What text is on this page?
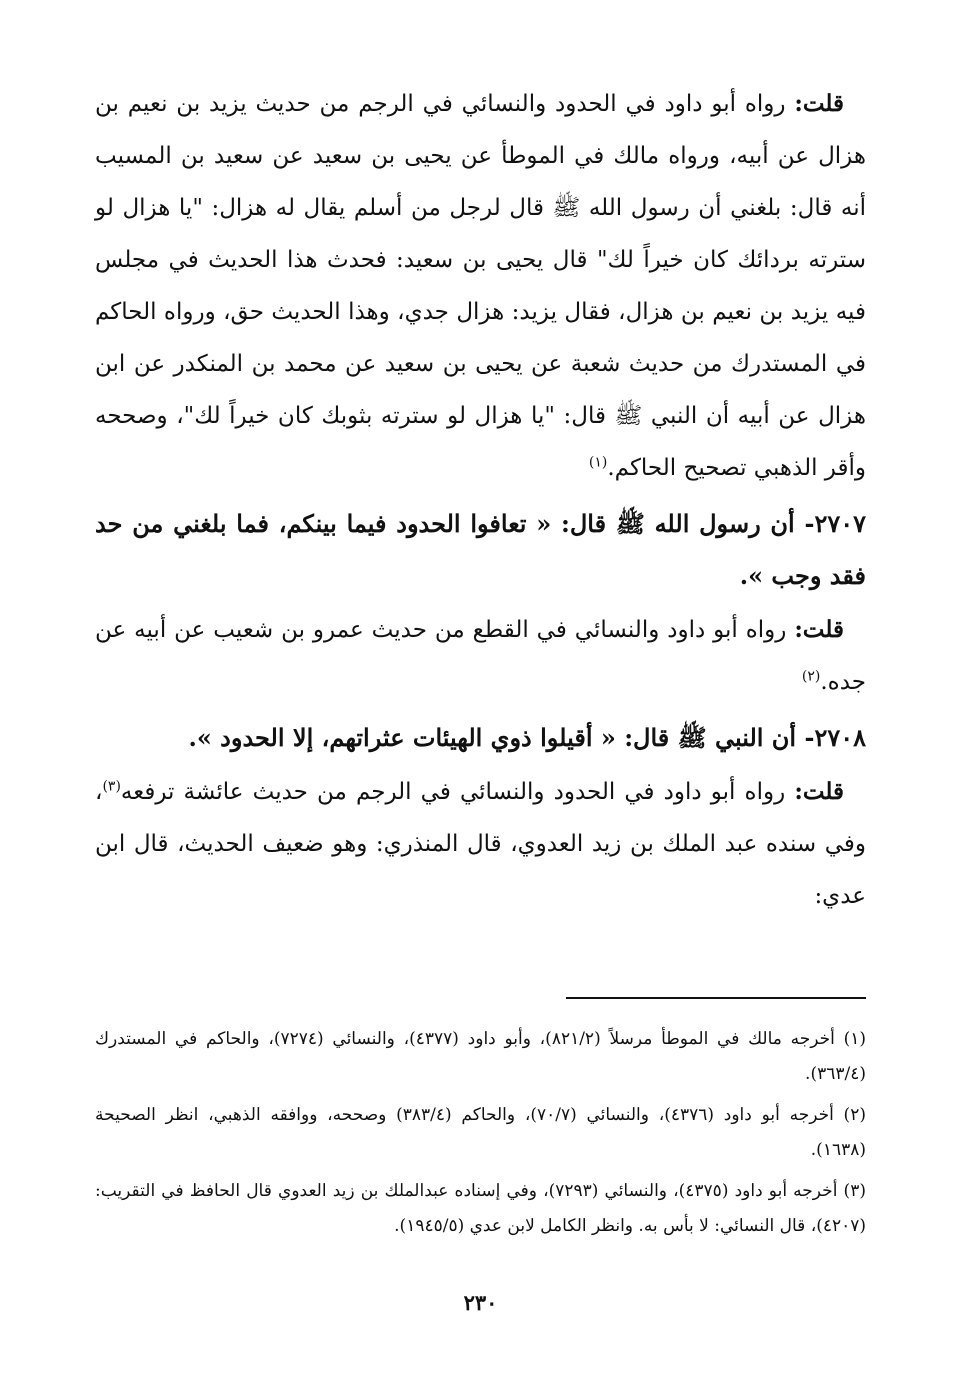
قلت: رواه أبو داود في الحدود والنسائي في الرجم من حديث يزيد بن نعيم بن هزال عن أبيه، ورواه مالك في الموطأ عن يحيى بن سعيد عن سعيد بن المسيب أنه قال: بلغني أن رسول الله ﷺ قال لرجل من أسلم يقال له هزال: "يا هزال لو سترته بردائك كان خيراً لك" قال يحيى بن سعيد: فحدث هذا الحديث في مجلس فيه يزيد بن نعيم بن هزال، فقال يزيد: هزال جدي، وهذا الحديث حق، ورواه الحاكم في المستدرك من حديث شعبة عن يحيى بن سعيد عن محمد بن المنكدر عن ابن هزال عن أبيه أن النبي ﷺ قال: "يا هزال لو سترته بثوبك كان خيراً لك"، وصححه وأقر الذهبي تصحيح الحاكم.$^{(١)}$

٢٧٠٧- أن رسول الله ﷺ قال: « تعافوا الحدود فيما بينكم، فما بلغني من حد فقد وجب ».

قلت: رواه أبو داود والنسائي في القطع من حديث عمرو بن شعيب عن أبيه عن جده.$^{(٢)}$

٢٧٠٨- أن النبي ﷺ قال: « أقيلوا ذوي الهيئات عثراتهم، إلا الحدود ».

قلت: رواه أبو داود في الحدود والنسائي في الرجم من حديث عائشة ترفعه$^{(٣)}$، وفي سنده عبد الملك بن زيد العدوي، قال المنذري: وهو ضعيف الحديث، قال ابن عدي:

(١) أخرجه مالك في الموطأ مرسلاً (٨٢١/٢)، وأبو داود (٤٣٧٧)، والنسائي (٧٢٧٤)، والحاكم في المستدرك (٣٦٣/٤).

(٢) أخرجه أبو داود (٤٣٧٦)، والنسائي (٧٠/٧)، والحاكم (٣٨٣/٤) وصححه، ووافقه الذهبي، انظر الصحيحة (١٦٣٨).

(٣) أخرجه أبو داود (٤٣٧٥)، والنسائي (٧٢٩٣)، وفي إسناده عبدالملك بن زيد العدوي قال الحافظ في التقريب: (٤٢٠٧)، قال النسائي: لا بأس به. وانظر الكامل لابن عدي (١٩٤٥/٥).

٢٣٠
